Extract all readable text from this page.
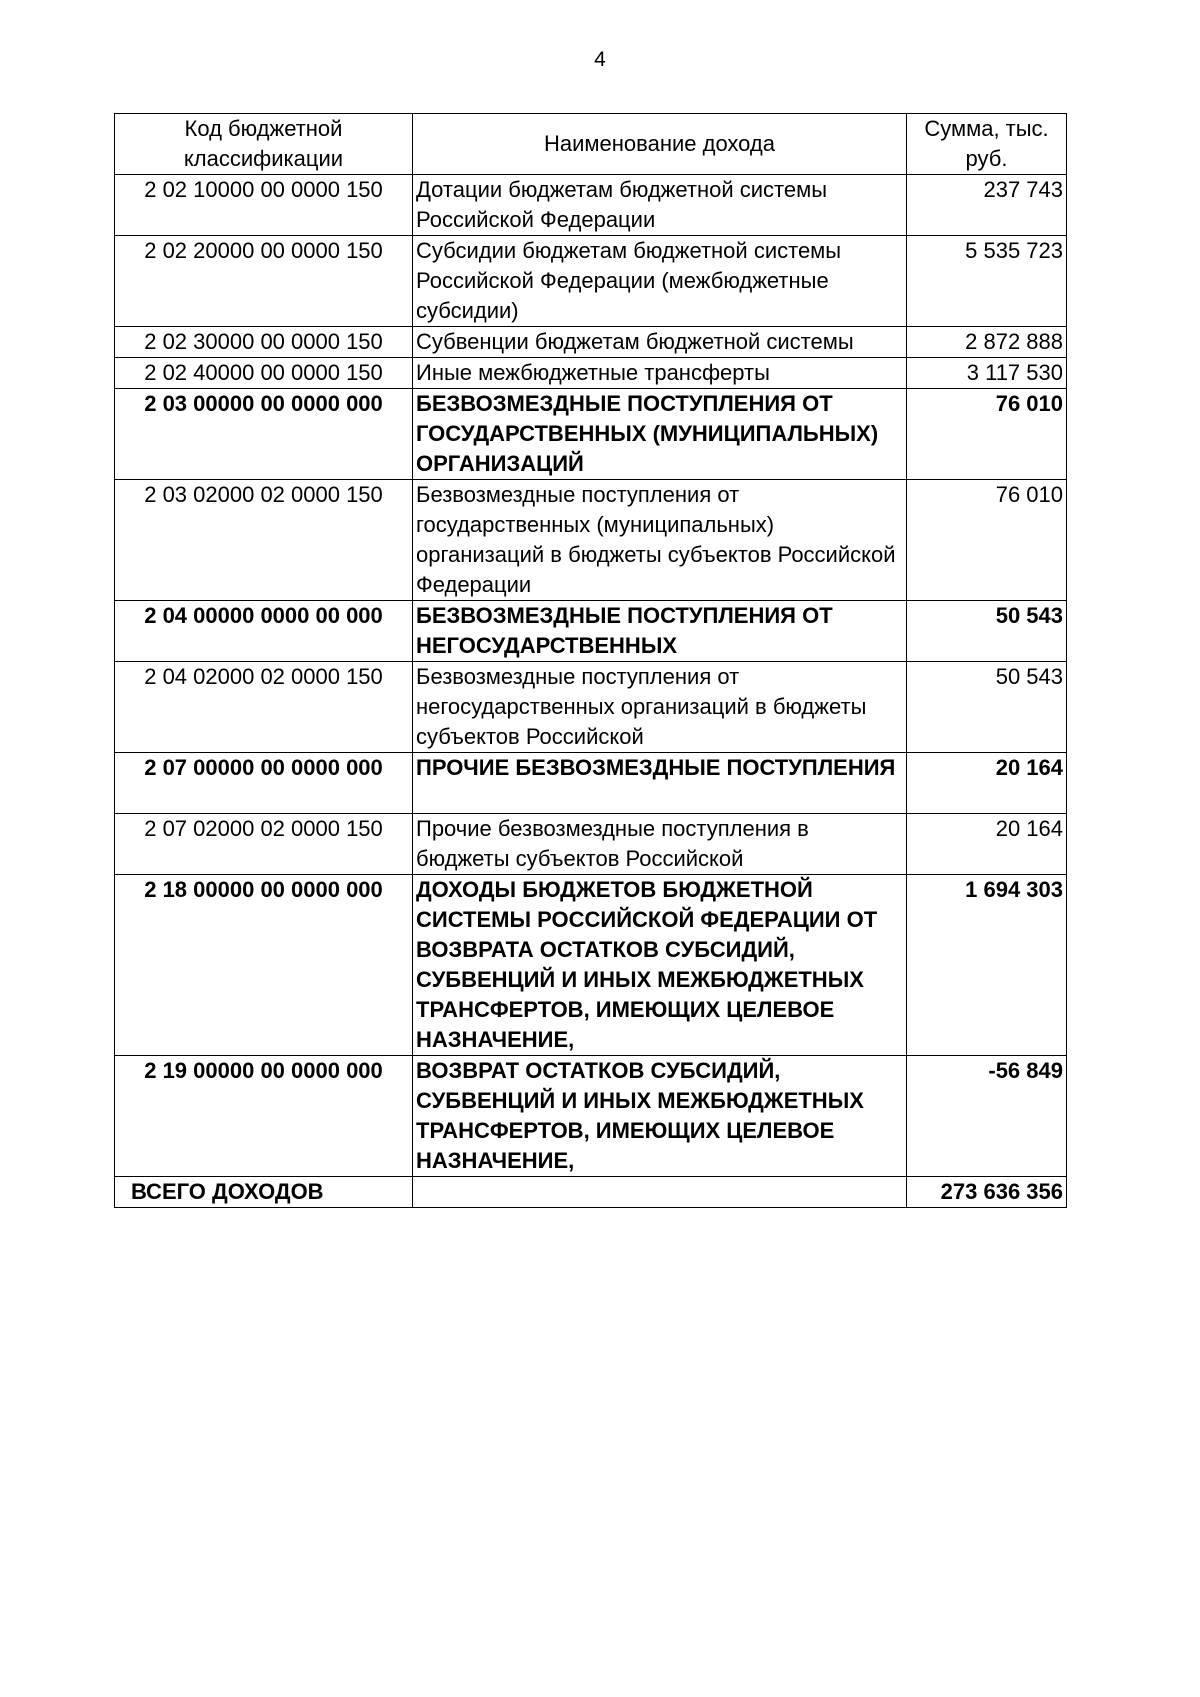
4
Код бюджетной классификации	Наименование дохода	Сумма, тыс. руб.
2 02 10000 00 0000 150	Дотации бюджетам бюджетной системы Российской Федерации	237 743
2 02 20000 00 0000 150	Субсидии бюджетам бюджетной системы Российской Федерации (межбюджетные субсидии)	5 535 723
2 02 30000 00 0000 150	Субвенции бюджетам бюджетной системы	2 872 888
2 02 40000 00 0000 150	Иные межбюджетные трансферты	3 117 530
2 03 00000 00 0000 000	БЕЗВОЗМЕЗДНЫЕ ПОСТУПЛЕНИЯ ОТ ГОСУДАРСТВЕННЫХ (МУНИЦИПАЛЬНЫХ) ОРГАНИЗАЦИЙ	76 010
2 03 02000 02 0000 150	Безвозмездные поступления от государственных (муниципальных) организаций в бюджеты субъектов Российской Федерации	76 010
2 04 00000 0000 00 000	БЕЗВОЗМЕЗДНЫЕ ПОСТУПЛЕНИЯ ОТ НЕГОСУДАРСТВЕННЫХ	50 543
2 04 02000 02 0000 150	Безвозмездные поступления от негосударственных организаций в бюджеты субъектов Российской	50 543
2 07 00000 00 0000 000	ПРОЧИЕ БЕЗВОЗМЕЗДНЫЕ ПОСТУПЛЕНИЯ	20 164
2 07 02000 02 0000 150	Прочие безвозмездные поступления в бюджеты субъектов Российской	20 164
2 18 00000 00 0000 000	ДОХОДЫ БЮДЖЕТОВ БЮДЖЕТНОЙ СИСТЕМЫ РОССИЙСКОЙ ФЕДЕРАЦИИ ОТ ВОЗВРАТА ОСТАТКОВ СУБСИДИЙ, СУБВЕНЦИЙ И ИНЫХ МЕЖБЮДЖЕТНЫХ ТРАНСФЕРТОВ, ИМЕЮЩИХ ЦЕЛЕВОЕ НАЗНАЧЕНИЕ,	1 694 303
2 19 00000 00 0000 000	ВОЗВРАТ ОСТАТКОВ СУБСИДИЙ, СУБВЕНЦИЙ И ИНЫХ МЕЖБЮДЖЕТНЫХ ТРАНСФЕРТОВ, ИМЕЮЩИХ ЦЕЛЕВОЕ НАЗНАЧЕНИЕ,	-56 849
ВСЕГО ДОХОДОВ		273 636 356
